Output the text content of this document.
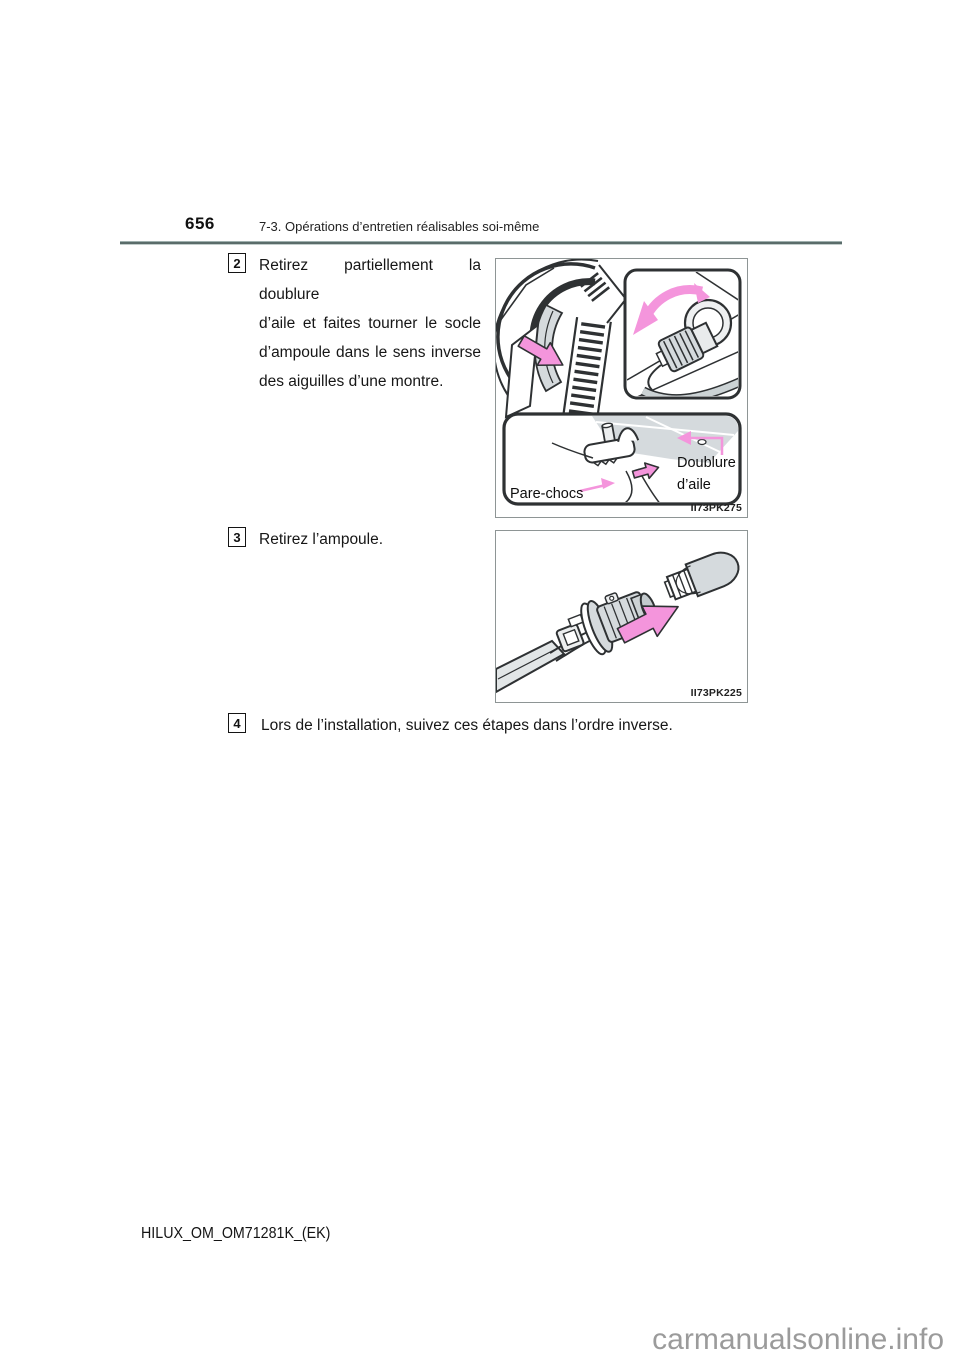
656	7-3. Opérations d’entretien réalisables soi-même
2	Retirez partiellement la doublure
d’aile et faites tourner le socle
d’ampoule dans le sens inverse
des aiguilles d’une montre.
Pare-chocs
Doublure
d’aile
II73PK275
3	Retirez l’ampoule.
II73PK225
4	Lors de l’installation, suivez ces étapes dans l’ordre inverse.
HILUX_OM_OM71281K_(EK)
carmanualsonline.info
